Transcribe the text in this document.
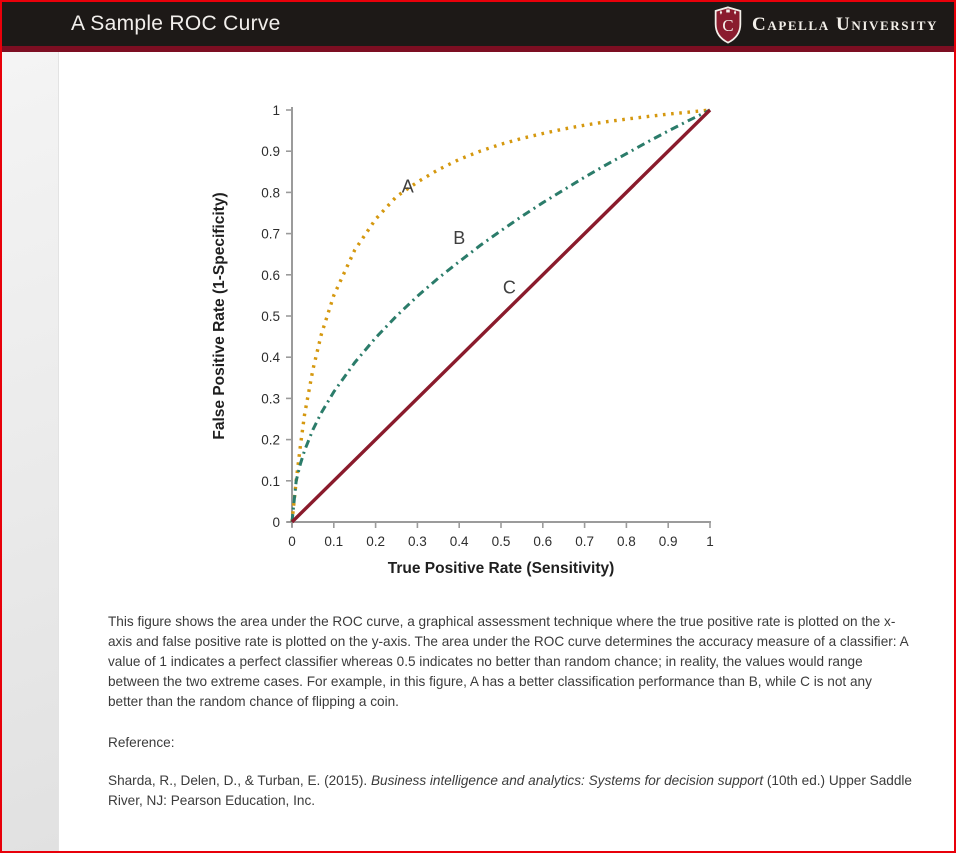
A Sample ROC Curve	C Capella University
0 0.1 0.2 0.3 0.4 0.5 0.6 0.7 0.8 0.9 1
0
0.1
0.2
0.3
0.4
0.5
0.6
0.7
0.8
0.9
1
True Positive Rate (Sensitivity)
False Positive Rate (1-Specificity)
A
B
C
This figure shows the area under the ROC curve, a graphical assessment technique where the true positive rate is plotted on the x-axis and false positive rate is plotted on the y-axis. The area under the ROC curve determines the accuracy measure of a classifier: A value of 1 indicates a perfect classifier whereas 0.5 indicates no better than random chance; in reality, the values would range between the two extreme cases. For example, in this figure, A has a better classification performance than B, while C is not any better than the random chance of flipping a coin.
Reference:
Sharda, R., Delen, D., & Turban, E. (2015). Business intelligence and analytics: Systems for decision support (10th ed.) Upper Saddle River, NJ: Pearson Education, Inc.
